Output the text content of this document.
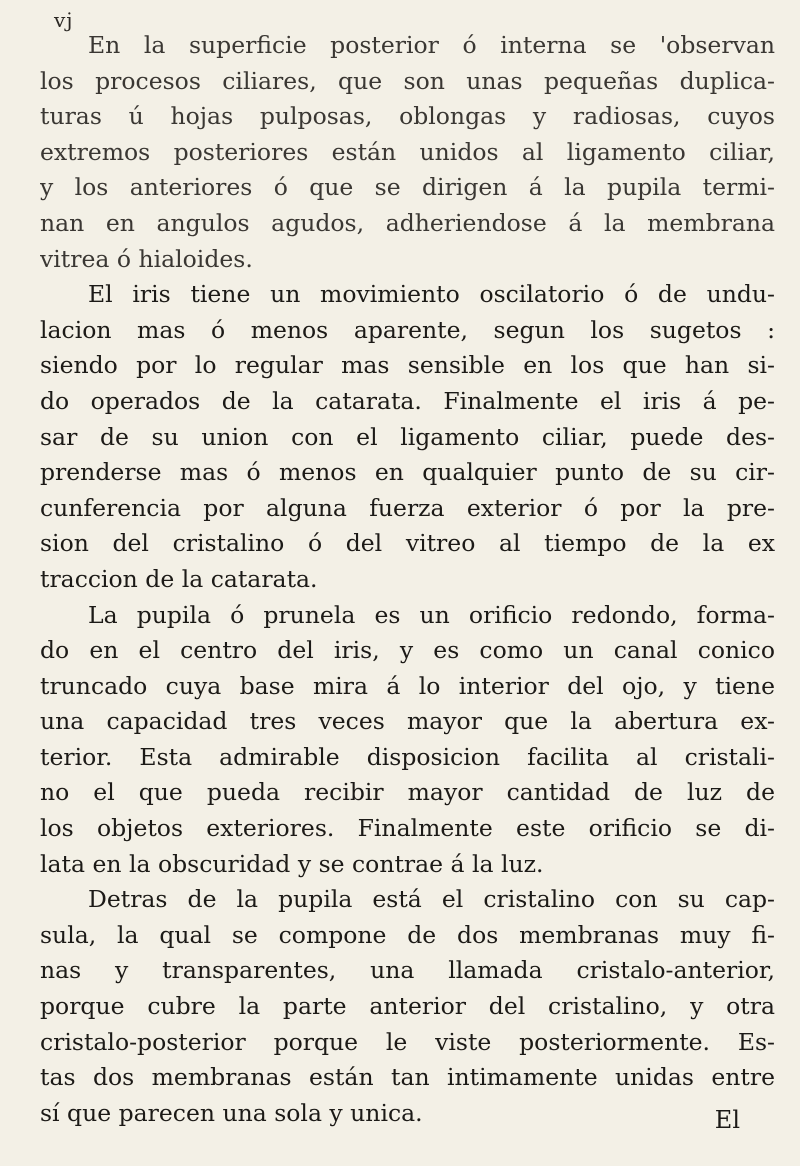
vj
En la superficie posterior ó interna se 'observan
los procesos ciliares, que son unas pequeñas duplica-
turas ú hojas pulposas, oblongas y radiosas, cuyos
extremos posteriores están unidos al ligamento ciliar,
y los anteriores ó que se dirigen á la pupila termi-
nan en angulos agudos, adheriendose á la membrana
vitrea ó hialoides.
El iris tiene un movimiento oscilatorio ó de undu-
lacion mas ó menos aparente, segun los sugetos :
siendo por lo regular mas sensible en los que han si-
do operados de la catarata. Finalmente el iris á pe-
sar de su union con el ligamento ciliar, puede des-
prenderse mas ó menos en qualquier punto de su cir-
cunferencia por alguna fuerza exterior ó por la pre-
sion del cristalino ó del vitreo al tiempo de la ex
traccion de la catarata.
La pupila ó prunela es un orificio redondo, forma-
do en el centro del iris, y es como un canal conico
truncado cuya base mira á lo interior del ojo, y tiene
una capacidad tres veces mayor que la abertura ex-
terior. Esta admirable disposicion facilita al cristali-
no el que pueda recibir mayor cantidad de luz de
los objetos exteriores. Finalmente este orificio se di-
lata en la obscuridad y se contrae á la luz.
Detras de la pupila está el cristalino con su cap-
sula, la qual se compone de dos membranas muy fi-
nas y transparentes, una llamada cristalo-anterior,
porque cubre la parte anterior del cristalino, y otra
cristalo-posterior porque le viste posteriormente. Es-
tas dos membranas están tan intimamente unidas entre
sí que parecen una sola y unica.	El
